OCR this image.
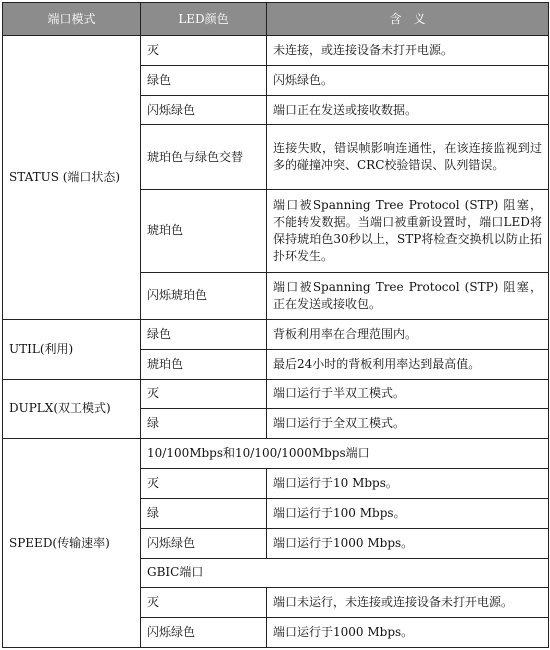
端口模式	LED颜色	含　义
STATUS (端口状态)	灭	未连接，或连接设备未打开电源。
	绿色	闪烁绿色。
	闪烁绿色	端口正在发送或接收数据。
	琥珀色与绿色交替	连接失败，错误帧影响连通性，在该连接监视到过多的碰撞冲突、CRC校验错误、队列错误。
	琥珀色	端口被Spanning Tree Protocol (STP) 阻塞，不能转发数据。当端口被重新设置时，端口LED将保持琥珀色30秒以上，STP将检查交换机以防止拓扑环发生。
	闪烁琥珀色	端口被Spanning Tree Protocol (STP) 阻塞，正在发送或接收包。
UTIL(利用)	绿色	背板利用率在合理范围内。
	琥珀色	最后24小时的背板利用率达到最高值。
DUPLX(双工模式)	灭	端口运行于半双工模式。
	绿	端口运行于全双工模式。
SPEED(传输速率)	10/100Mbps和10/100/1000Mbps端口	
	灭	端口运行于10 Mbps。
	绿	端口运行于100 Mbps。
	闪烁绿色	端口运行于1000 Mbps。
	GBIC端口	
	灭	端口未运行，未连接或连接设备未打开电源。
	闪烁绿色	端口运行于1000 Mbps。
